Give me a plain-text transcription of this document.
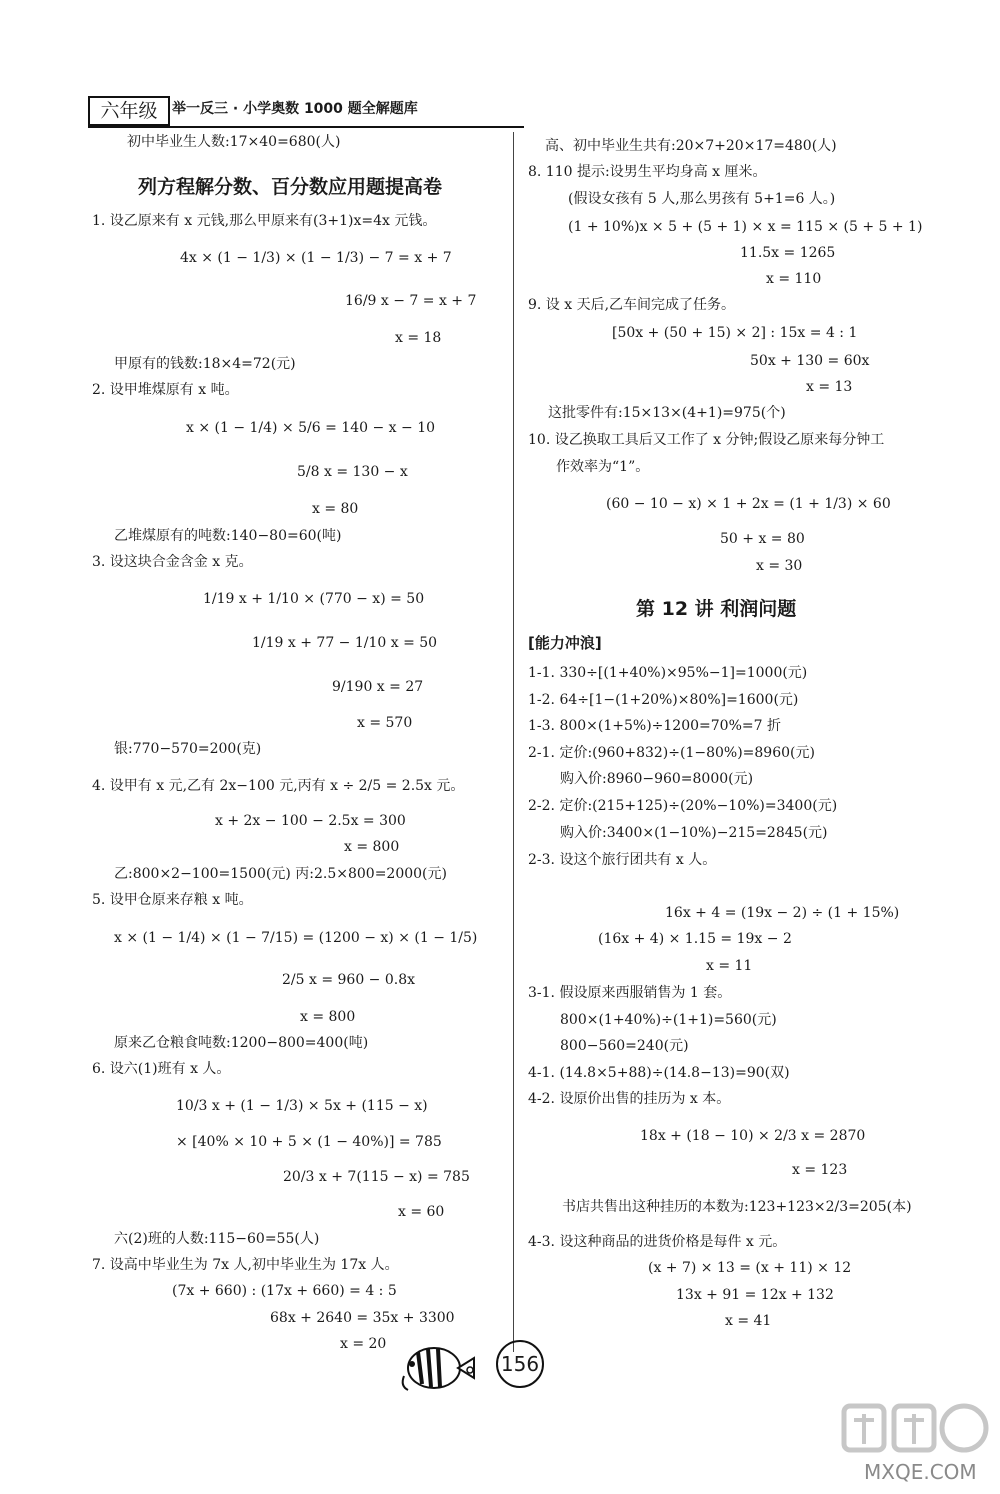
六年级	举一反三 · 小学奥数 1000 题全解题库
初中毕业生人数:17×40=680(人)
列方程解分数、百分数应用题提高卷
1. 设乙原来有 x 元钱,那么甲原来有(3+1)x=4x 元钱。
4x × (1 − 1/3) × (1 − 1/3) − 7 = x + 7
16/9 x − 7 = x + 7
x = 18
甲原有的钱数:18×4=72(元)
2. 设甲堆煤原有 x 吨。
x × (1 − 1/4) × 5/6 = 140 − x − 10
5/8 x = 130 − x
x = 80
乙堆煤原有的吨数:140−80=60(吨)
3. 设这块合金含金 x 克。
1/19 x + 1/10 × (770 − x) = 50
1/19 x + 77 − 1/10 x = 50
9/190 x = 27
x = 570
银:770−570=200(克)
4. 设甲有 x 元,乙有 2x−100 元,丙有 x ÷ 2/5 = 2.5x 元。
x + 2x − 100 − 2.5x = 300
x = 800
乙:800×2−100=1500(元) 丙:2.5×800=2000(元)
5. 设甲仓原来存粮 x 吨。
x × (1 − 1/4) × (1 − 7/15) = (1200 − x) × (1 − 1/5)
2/5 x = 960 − 0.8x
x = 800
原来乙仓粮食吨数:1200−800=400(吨)
6. 设六(1)班有 x 人。
10/3 x + (1 − 1/3) × 5x + (115 − x)
× [40% × 10 + 5 × (1 − 40%)] = 785
20/3 x + 7(115 − x) = 785
x = 60
六(2)班的人数:115−60=55(人)
7. 设高中毕业生为 7x 人,初中毕业生为 17x 人。
(7x + 660) : (17x + 660) = 4 : 5
68x + 2640 = 35x + 3300
x = 20
高、初中毕业生共有:20×7+20×17=480(人)
8. 110 提示:设男生平均身高 x 厘米。
(假设女孩有 5 人,那么男孩有 5+1=6 人。)
(1 + 10%)x × 5 + (5 + 1) × x = 115 × (5 + 5 + 1)
11.5x = 1265
x = 110
9. 设 x 天后,乙车间完成了任务。
[50x + (50 + 15) × 2] : 15x = 4 : 1
50x + 130 = 60x
x = 13
这批零件有:15×13×(4+1)=975(个)
10. 设乙换取工具后又工作了 x 分钟;假设乙原来每分钟工
作效率为“1”。
(60 − 10 − x) × 1 + 2x = (1 + 1/3) × 60
50 + x = 80
x = 30
第 12 讲 利润问题
[能力冲浪]
1-1. 330÷[(1+40%)×95%−1]=1000(元)
1-2. 64÷[1−(1+20%)×80%]=1600(元)
1-3. 800×(1+5%)÷1200=70%=7 折
2-1. 定价:(960+832)÷(1−80%)=8960(元)
购入价:8960−960=8000(元)
2-2. 定价:(215+125)÷(20%−10%)=3400(元)
购入价:3400×(1−10%)−215=2845(元)
2-3. 设这个旅行团共有 x 人。
16x + 4 = (19x − 2) ÷ (1 + 15%)
(16x + 4) × 1.15 = 19x − 2
x = 11
3-1. 假设原来西服销售为 1 套。
800×(1+40%)÷(1+1)=560(元)
800−560=240(元)
4-1. (14.8×5+88)÷(14.8−13)=90(双)
4-2. 设原价出售的挂历为 x 本。
18x + (18 − 10) × 2/3 x = 2870
x = 123
书店共售出这种挂历的本数为:123+123×2/3=205(本)
4-3. 设这种商品的进货价格是每件 x 元。
(x + 7) × 13 = (x + 11) × 12
13x + 91 = 12x + 132
x = 41
156
MXQE.COM
